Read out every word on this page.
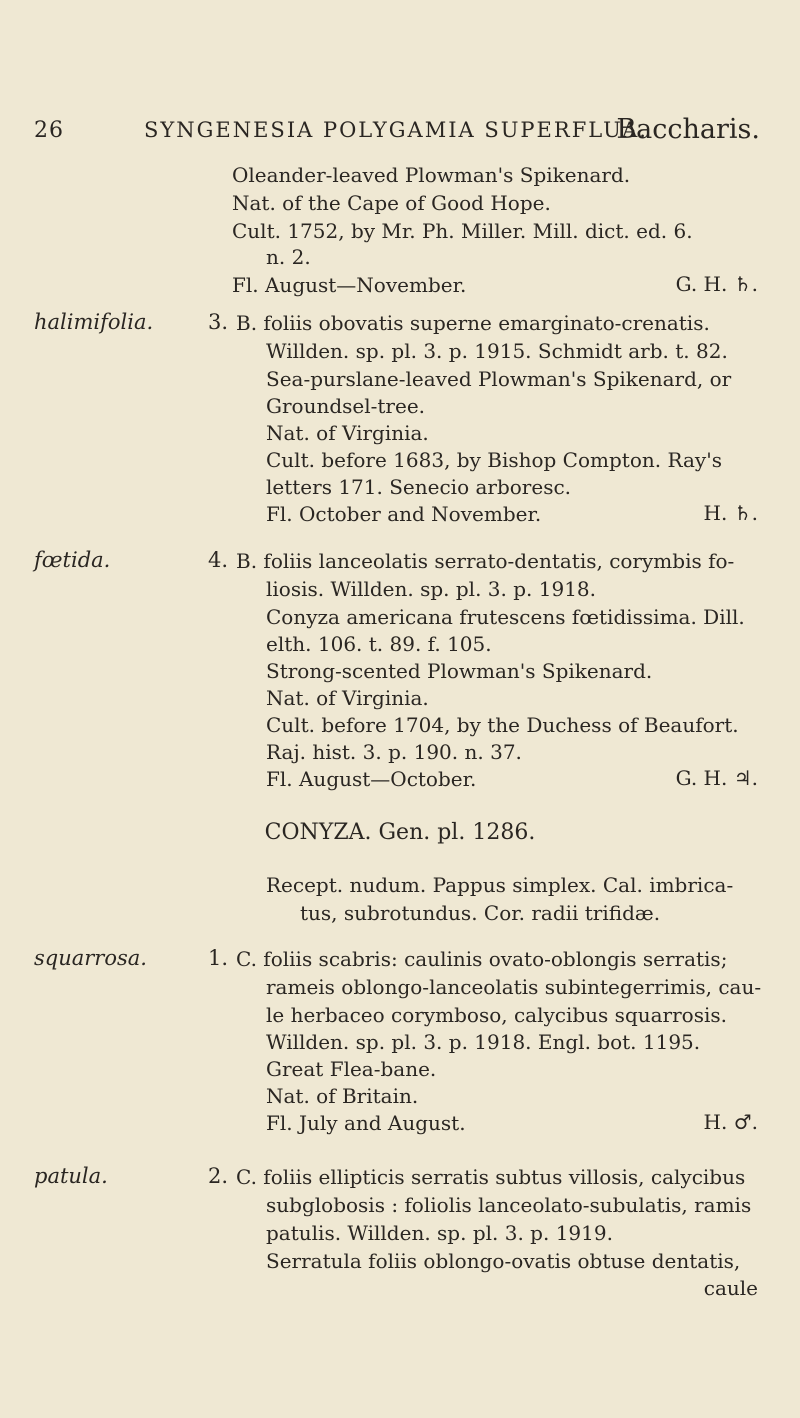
26	SYNGENESIA POLYGAMIA SUPERFLUA.
Baccharis.
Oleander-leaved Plowman's Spikenard.
Nat. of the Cape of Good Hope.
Cult. 1752, by Mr. Ph. Miller. Mill. dict. ed. 6.
n. 2.
Fl. August—November.	G. H. ♄.
halimifolia.	3. B. foliis obovatis superne emarginato-crenatis.
Willden. sp. pl. 3. p. 1915. Schmidt arb. t. 82.
Sea-purslane-leaved Plowman's Spikenard, or
Groundsel-tree.
Nat. of Virginia.
Cult. before 1683, by Bishop Compton. Ray's
letters 171. Senecio arboresc.
Fl. October and November.	H. ♄.
fœtida.	4. B. foliis lanceolatis serrato-dentatis, corymbis fo-
liosis. Willden. sp. pl. 3. p. 1918.
Conyza americana frutescens fœtidissima. Dill.
elth. 106. t. 89. f. 105.
Strong-scented Plowman's Spikenard.
Nat. of Virginia.
Cult. before 1704, by the Duchess of Beaufort.
Raj. hist. 3. p. 190. n. 37.
Fl. August—October.	G. H. ♃.
CONYZA. Gen. pl. 1286.
Recept. nudum. Pappus simplex. Cal. imbrica-
tus, subrotundus. Cor. radii trifidæ.
squarrosa.	1. C. foliis scabris: caulinis ovato-oblongis serratis;
rameis oblongo-lanceolatis subintegerrimis, cau-
le herbaceo corymboso, calycibus squarrosis.
Willden. sp. pl. 3. p. 1918. Engl. bot. 1195.
Great Flea-bane.
Nat. of Britain.
Fl. July and August.	H. ♂.
patula.	2. C. foliis ellipticis serratis subtus villosis, calycibus
subglobosis : foliolis lanceolato-subulatis, ramis
patulis. Willden. sp. pl. 3. p. 1919.
Serratula foliis oblongo-ovatis obtuse dentatis,
caule
